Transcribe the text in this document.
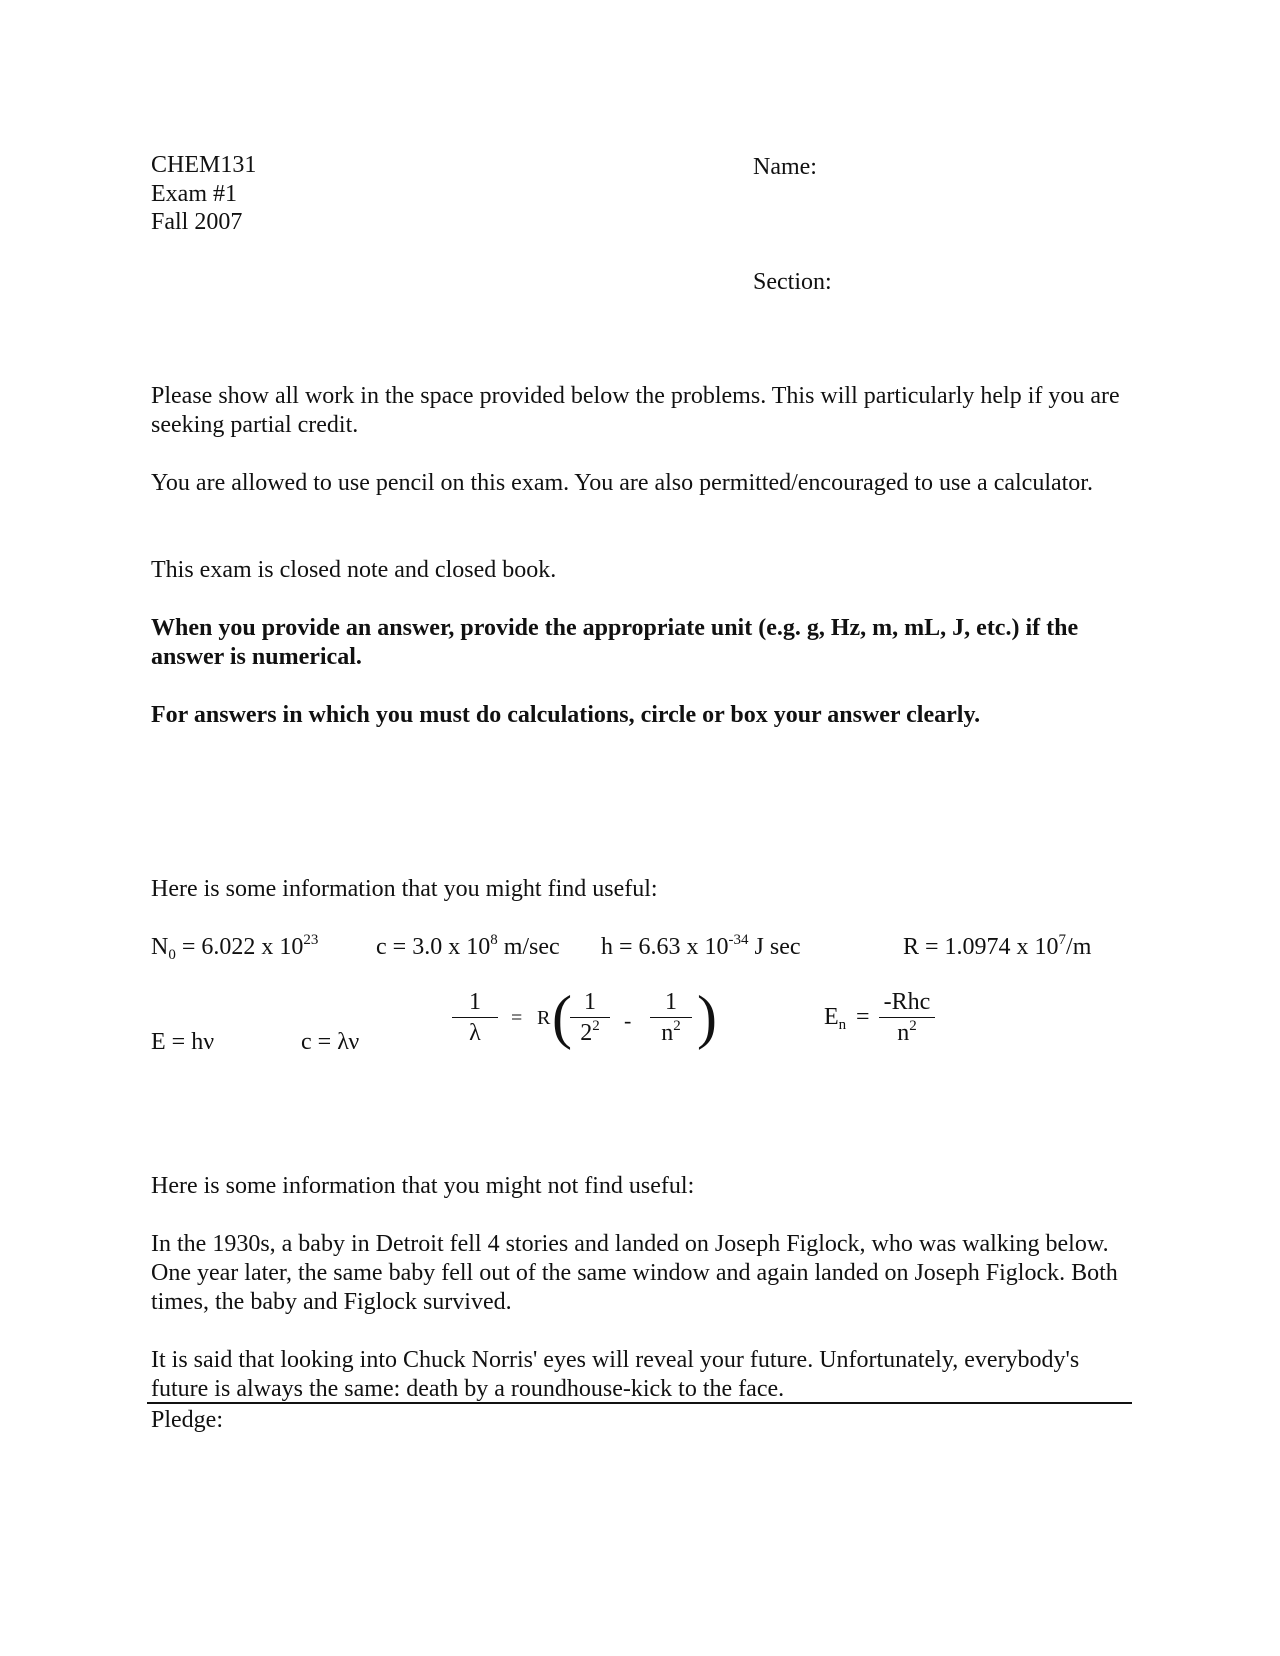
CHEM131
Exam #1
Fall 2007
Name:
Section:
Please show all work in the space provided below the problems. This will particularly help if you are seeking partial credit.
You are allowed to use pencil on this exam. You are also permitted/encouraged to use a calculator.
This exam is closed note and closed book.
When you provide an answer, provide the appropriate unit (e.g. g, Hz, m, mL, J, etc.) if the answer is numerical.
For answers in which you must do calculations, circle or box your answer clearly.
Here is some information that you might find useful:
$N_0 = 6.022$ x $10^{23}$ c = 3.0 x $10^8$ m/sec h = 6.63 x $10^{-34}$ J sec	R = 1.0974 x $10^7/m$
E = hν	c = λν
1
λ
= R ( 1
$2^2$	-
1
$n^2$ )	$E_n$ =
-Rhc
$n^2$
Here is some information that you might not find useful:
In the 1930s, a baby in Detroit fell 4 stories and landed on Joseph Figlock, who was walking below. One year later, the same baby fell out of the same window and again landed on Joseph Figlock. Both times, the baby and Figlock survived.
It is said that looking into Chuck Norris' eyes will reveal your future. Unfortunately, everybody's future is always the same: death by a roundhouse-kick to the face.
Pledge:
